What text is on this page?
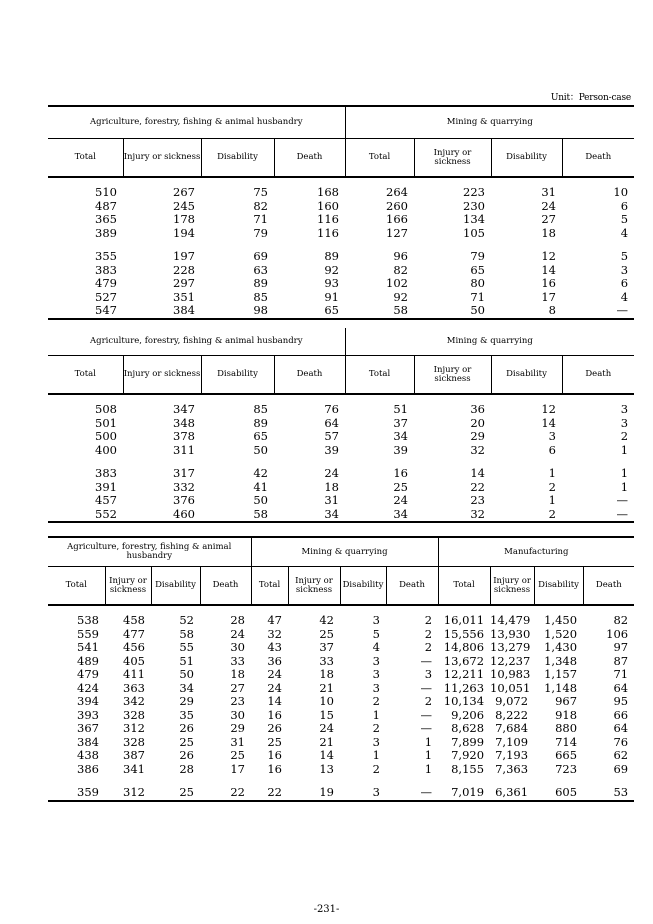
Unit：Person-case
Agriculture, forestry, fishing & animal husbandry				Mining & quarrying			
Total	Injury or sickness	Disability	Death	Total	Injury or sickness	Disability	Death
510	267	75	168	264	223	31	10
487	245	82	160	260	230	24	6
365	178	71	116	166	134	27	5
389	194	79	116	127	105	18	4

355	197	69	89	96	79	12	5
383	228	63	92	82	65	14	3
479	297	89	93	102	80	16	6
527	351	85	91	92	71	17	4
547	384	98	65	58	50	8	—
Agriculture, forestry, fishing & animal husbandry				Mining & quarrying			
Total	Injury or sickness	Disability	Death	Total	Injury or sickness	Disability	Death
508	347	85	76	51	36	12	3
501	348	89	64	37	20	14	3
500	378	65	57	34	29	3	2
400	311	50	39	39	32	6	1

383	317	42	24	16	14	1	1
391	332	41	18	25	22	2	1
457	376	50	31	24	23	1	—
552	460	58	34	34	32	2	—
Agriculture, forestry, fishing & animal husbandry				Mining & quarrying				Manufacturing			
Total	Injury or sickness	Disability	Death	Total	Injury or sickness	Disability	Death	Total	Injury or sickness	Disability	Death
538	458	52	28	47	42	3	2	16,011	14,479	1,450	82
559	477	58	24	32	25	5	2	15,556	13,930	1,520	106
541	456	55	30	43	37	4	2	14,806	13,279	1,430	97
489	405	51	33	36	33	3	—	13,672	12,237	1,348	87
479	411	50	18	24	18	3	3	12,211	10,983	1,157	71
424	363	34	27	24	21	3	—	11,263	10,051	1,148	64
394	342	29	23	14	10	2	2	10,134	9,072	967	95
393	328	35	30	16	15	1	—	9,206	8,222	918	66
367	312	26	29	26	24	2	—	8,628	7,684	880	64
384	328	25	31	25	21	3	1	7,899	7,109	714	76
438	387	26	25	16	14	1	1	7,920	7,193	665	62
386	341	28	17	16	13	2	1	8,155	7,363	723	69

359	312	25	22	22	19	3	—	7,019	6,361	605	53
-231-
